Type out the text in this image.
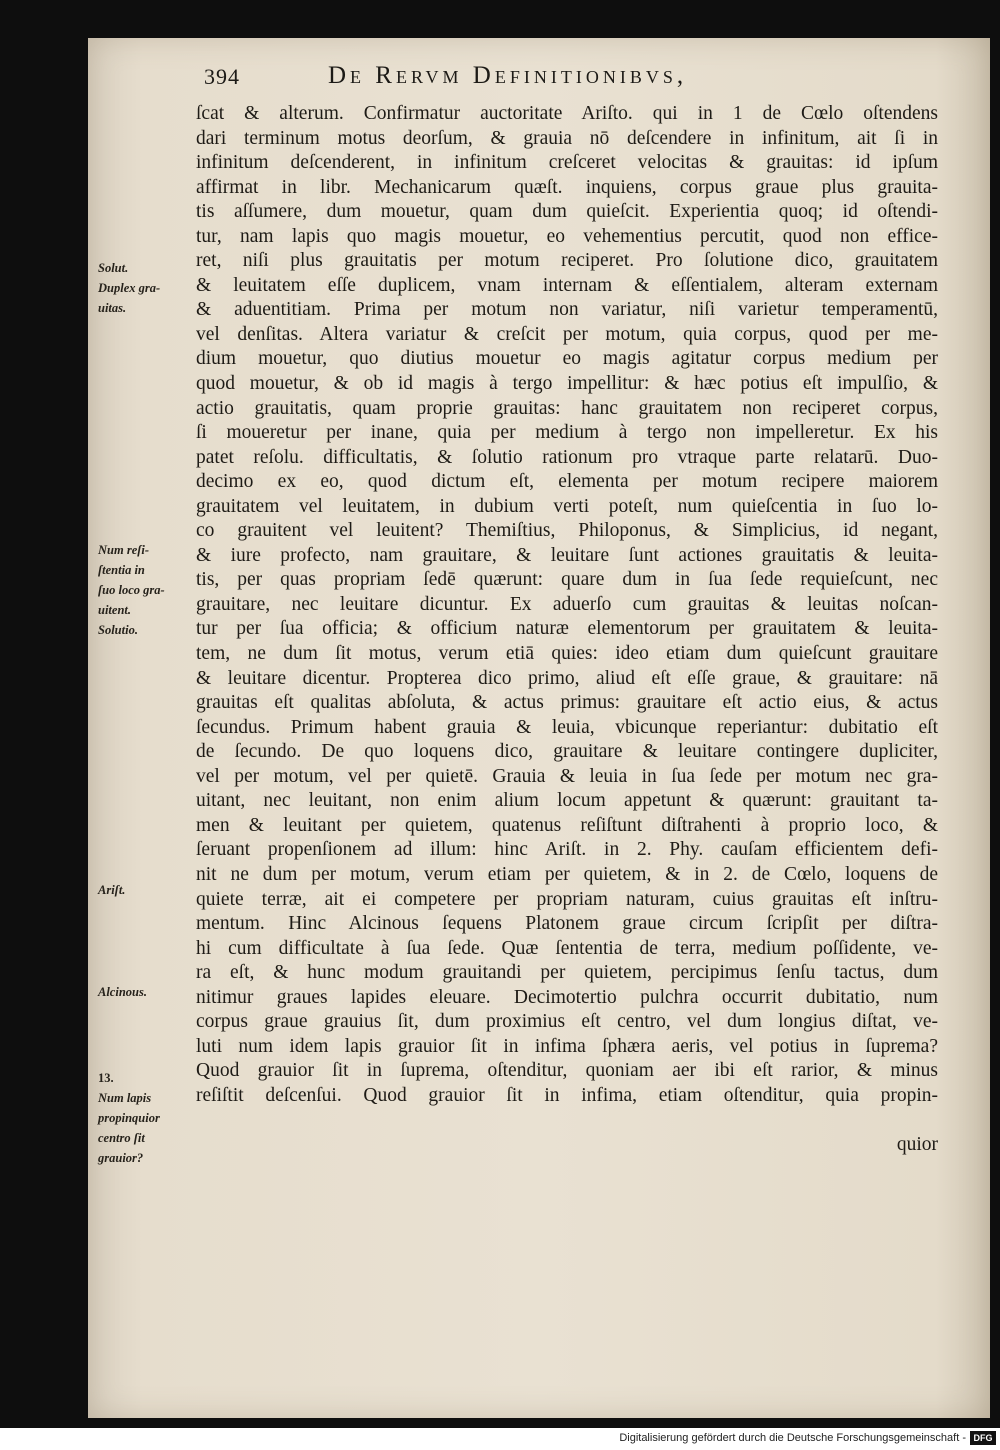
394	De Rervm Definitionibvs,
ſcat & alterum. Confirmatur auctoritate Ariſto. qui in 1 de Cœlo oſtendens
dari terminum motus deorſum, & grauia nō deſcendere in infinitum, ait ſi in
infinitum deſcenderent, in infinitum creſceret velocitas & grauitas: id ipſum
affirmat in libr. Mechanicarum quæſt. inquiens, corpus graue plus grauita-
tis aſſumere, dum mouetur, quam dum quieſcit. Experientia quoq; id oſtendi-
tur, nam lapis quo magis mouetur, eo vehementius percutit, quod non effice-
ret, niſi plus grauitatis per motum reciperet. Pro ſolutione dico, grauitatem
& leuitatem eſſe duplicem, vnam internam & eſſentialem, alteram externam
& aduentitiam. Prima per motum non variatur, niſi varietur temperamentū,
vel denſitas. Altera variatur & creſcit per motum, quia corpus, quod per me-
dium mouetur, quo diutius mouetur eo magis agitatur corpus medium per
quod mouetur, & ob id magis à tergo impellitur: & hæc potius eſt impulſio, &
actio grauitatis, quam proprie grauitas: hanc grauitatem non reciperet corpus,
ſi moueretur per inane, quia per medium à tergo non impelleretur. Ex his
patet reſolu. difficultatis, & ſolutio rationum pro vtraque parte relatarū. Duo-
decimo ex eo, quod dictum eſt, elementa per motum recipere maiorem
grauitatem vel leuitatem, in dubium verti poteſt, num quieſcentia in ſuo lo-
co grauitent vel leuitent? Themiſtius, Philoponus, & Simplicius, id negant,
& iure profecto, nam grauitare, & leuitare ſunt actiones grauitatis & leuita-
tis, per quas propriam ſedē quærunt: quare dum in ſua ſede requieſcunt, nec
grauitare, nec leuitare dicuntur. Ex aduerſo cum grauitas & leuitas noſcan-
tur per ſua officia; & officium naturæ elementorum per grauitatem & leuita-
tem, ne dum ſit motus, verum etiā quies: ideo etiam dum quieſcunt grauitare
& leuitare dicentur. Propterea dico primo, aliud eſt eſſe graue, & grauitare: nā
grauitas eſt qualitas abſoluta, & actus primus: grauitare eſt actio eius, & actus
ſecundus. Primum habent grauia & leuia, vbicunque reperiantur: dubitatio eſt
de ſecundo. De quo loquens dico, grauitare & leuitare contingere dupliciter,
vel per motum, vel per quietē. Grauia & leuia in ſua ſede per motum nec gra-
uitant, nec leuitant, non enim alium locum appetunt & quærunt: grauitant ta-
men & leuitant per quietem, quatenus reſiſtunt diſtrahenti à proprio loco, &
ſeruant propenſionem ad illum: hinc Ariſt. in 2. Phy. cauſam efficientem defi-
nit ne dum per motum, verum etiam per quietem, & in 2. de Cœlo, loquens de
quiete terræ, ait ei competere per propriam naturam, cuius grauitas eſt inſtru-
mentum. Hinc Alcinous ſequens Platonem graue circum ſcripſit per diſtra-
hi cum difficultate à ſua ſede. Quæ ſententia de terra, medium poſſidente, ve-
ra eſt, & hunc modum grauitandi per quietem, percipimus ſenſu tactus, dum
nitimur graues lapides eleuare. Decimotertio pulchra occurrit dubitatio, num
corpus graue grauius ſit, dum proximius eſt centro, vel dum longius diſtat, ve-
luti num idem lapis grauior ſit in infima ſphæra aeris, vel potius in ſuprema?
Quod grauior ſit in ſuprema, oſtenditur, quoniam aer ibi eſt rarior, & minus
reſiſtit deſcenſui. Quod grauior ſit in infima, etiam oſtenditur, quia propin-
quior
Solut.
Duplex gra-
uitas.
Num reſi-
ſtentia in
ſuo loco gra-
uitent.
Solutio.
Ariſt.
Alcinous.
13.
Num lapis
propinquior
centro ſit
grauior?
Digitalisierung gefördert durch die Deutsche Forschungsgemeinschaft - DFG
